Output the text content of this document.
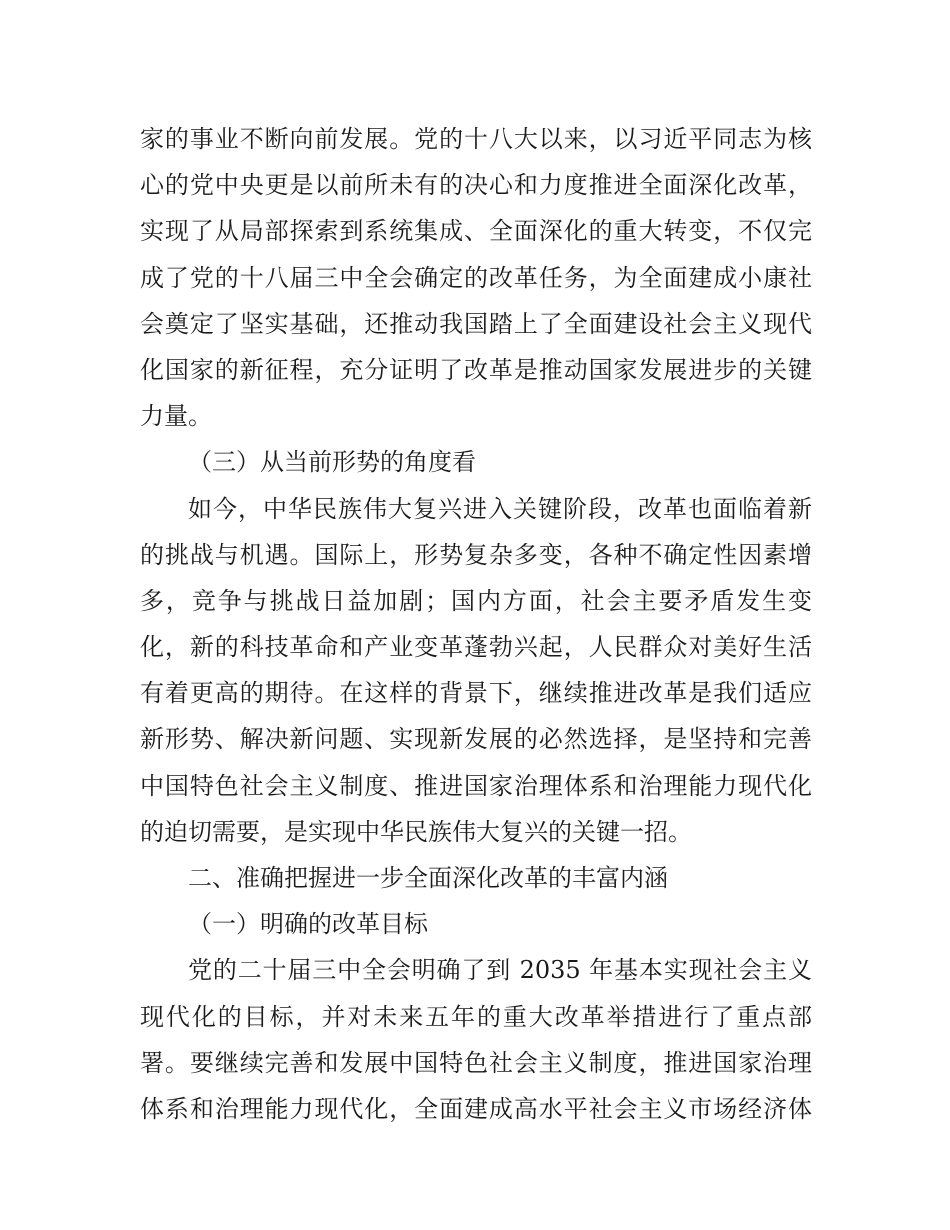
家的事业不断向前发展。党的十八大以来，以习近平同志为核
心的党中央更是以前所未有的决心和力度推进全面深化改革，
实现了从局部探索到系统集成、全面深化的重大转变，不仅完
成了党的十八届三中全会确定的改革任务，为全面建成小康社
会奠定了坚实基础，还推动我国踏上了全面建设社会主义现代
化国家的新征程，充分证明了改革是推动国家发展进步的关键
力量。
（三）从当前形势的角度看
如今，中华民族伟大复兴进入关键阶段，改革也面临着新
的挑战与机遇。国际上，形势复杂多变，各种不确定性因素增
多，竞争与挑战日益加剧；国内方面，社会主要矛盾发生变
化，新的科技革命和产业变革蓬勃兴起，人民群众对美好生活
有着更高的期待。在这样的背景下，继续推进改革是我们适应
新形势、解决新问题、实现新发展的必然选择，是坚持和完善
中国特色社会主义制度、推进国家治理体系和治理能力现代化
的迫切需要，是实现中华民族伟大复兴的关键一招。
二、准确把握进一步全面深化改革的丰富内涵
（一）明确的改革目标
党的二十届三中全会明确了到 2035 年基本实现社会主义
现代化的目标，并对未来五年的重大改革举措进行了重点部
署。要继续完善和发展中国特色社会主义制度，推进国家治理
体系和治理能力现代化，全面建成高水平社会主义市场经济体
